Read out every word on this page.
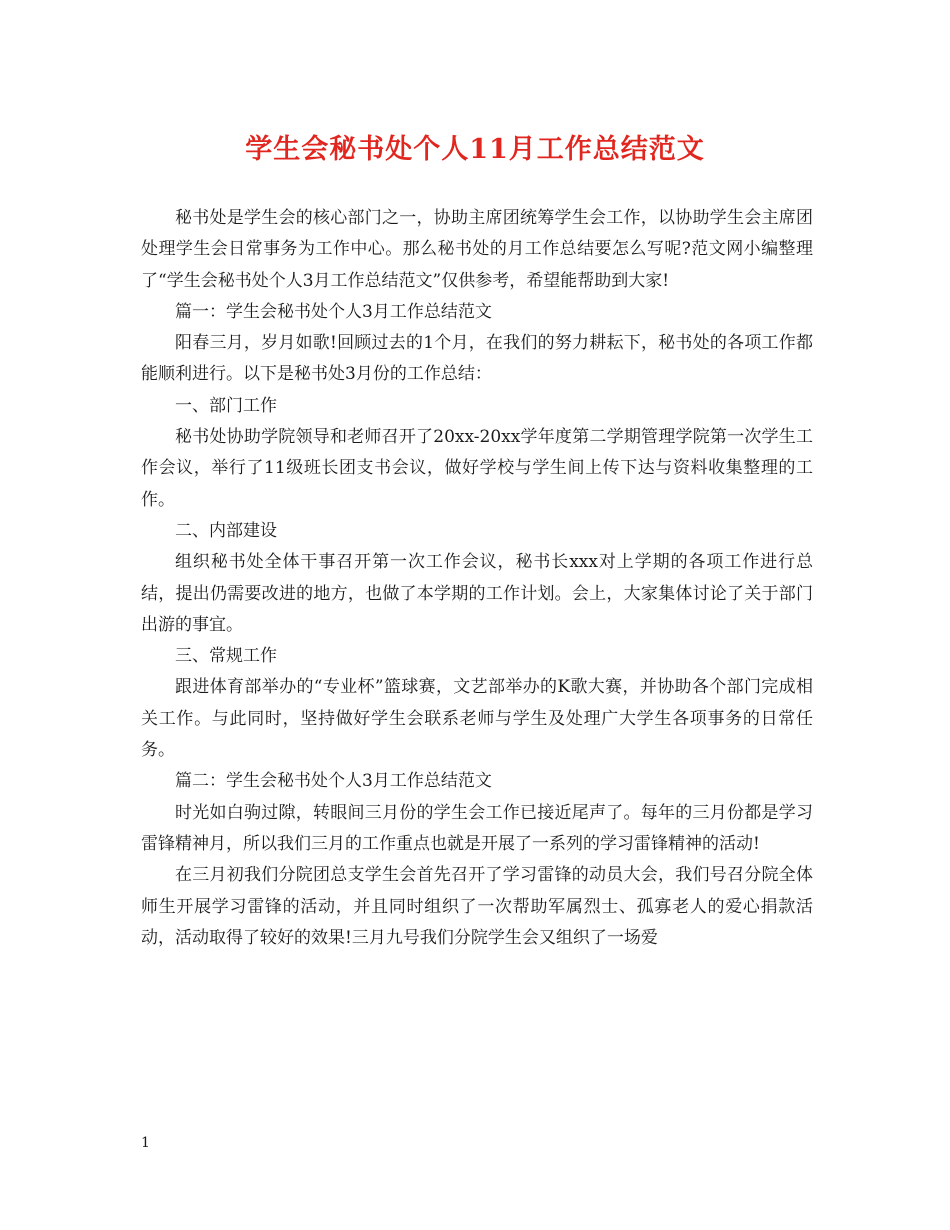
学生会秘书处个人11月工作总结范文

秘书处是学生会的核心部门之一，协助主席团统筹学生会工作，以协助学生会主席团处理学生会日常事务为工作中心。那么秘书处的月工作总结要怎么写呢?范文网小编整理了“学生会秘书处个人3月工作总结范文”仅供参考，希望能帮助到大家!

篇一：学生会秘书处个人3月工作总结范文

阳春三月，岁月如歌!回顾过去的1个月，在我们的努力耕耘下，秘书处的各项工作都能顺利进行。以下是秘书处3月份的工作总结：

一、部门工作

秘书处协助学院领导和老师召开了20xx-20xx学年度第二学期管理学院第一次学生工作会议，举行了11级班长团支书会议，做好学校与学生间上传下达与资料收集整理的工作。

二、内部建设

组织秘书处全体干事召开第一次工作会议，秘书长xxx对上学期的各项工作进行总结，提出仍需要改进的地方，也做了本学期的工作计划。会上，大家集体讨论了关于部门出游的事宜。

三、常规工作

跟进体育部举办的“专业杯”篮球赛，文艺部举办的K歌大赛，并协助各个部门完成相关工作。与此同时，坚持做好学生会联系老师与学生及处理广大学生各项事务的日常任务。

篇二：学生会秘书处个人3月工作总结范文

时光如白驹过隙，转眼间三月份的学生会工作已接近尾声了。每年的三月份都是学习雷锋精神月，所以我们三月的工作重点也就是开展了一系列的学习雷锋精神的活动!

在三月初我们分院团总支学生会首先召开了学习雷锋的动员大会，我们号召分院全体师生开展学习雷锋的活动，并且同时组织了一次帮助军属烈士、孤寡老人的爱心捐款活动，活动取得了较好的效果!三月九号我们分院学生会又组织了一场爱

1
